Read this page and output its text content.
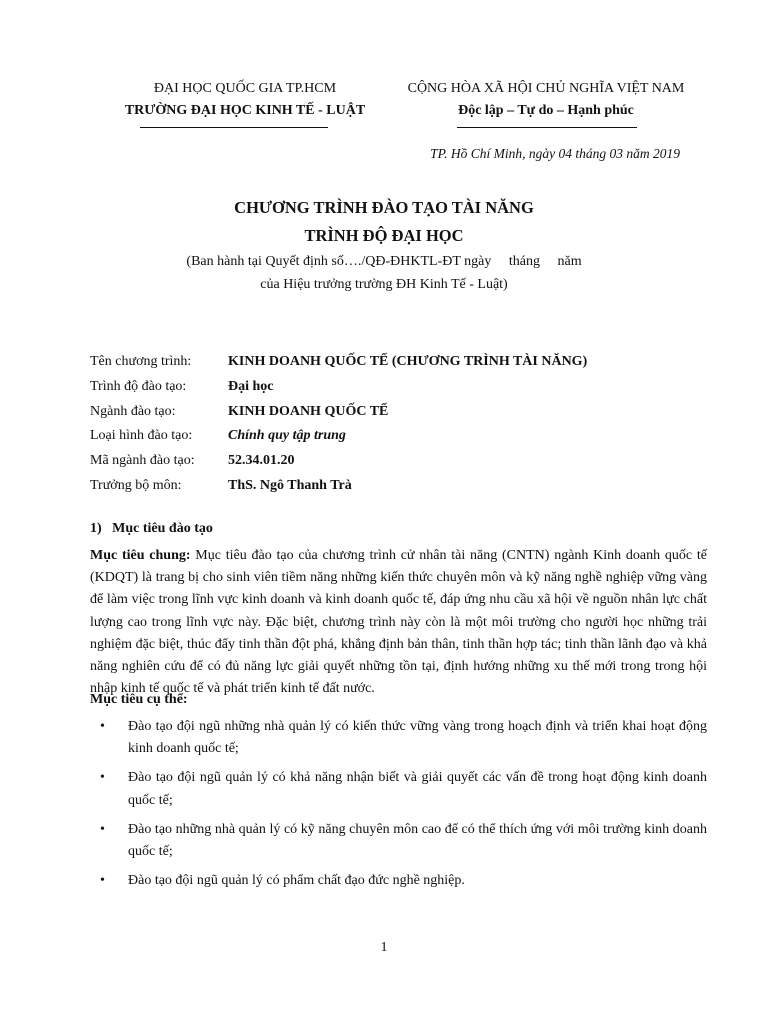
ĐẠI HỌC QUỐC GIA TP.HCM
TRƯỜNG ĐẠI HỌC KINH TẾ - LUẬT
CỘNG HÒA XÃ HỘI CHỦ NGHĨA VIỆT NAM
Độc lập – Tự do – Hạnh phúc
TP. Hồ Chí Minh, ngày 04 tháng 03 năm 2019
CHƯƠNG TRÌNH ĐÀO TẠO TÀI NĂNG
TRÌNH ĐỘ ĐẠI HỌC
(Ban hành tại Quyết định số…./QĐ-ĐHKTL-ĐT ngày     tháng     năm
của Hiệu trưởng trường ĐH Kinh Tế - Luật)
Tên chương trình:	KINH DOANH QUỐC TẾ (CHƯƠNG TRÌNH TÀI NĂNG)
Trình độ đào tạo:	Đại học
Ngành đào tạo:	KINH DOANH QUỐC TẾ
Loại hình đào tạo:	Chính quy tập trung
Mã ngành đào tạo:	52.34.01.20
Trưởng bộ môn:	ThS. Ngô Thanh Trà
1)   Mục tiêu đào tạo
Mục tiêu chung: Mục tiêu đào tạo của chương trình cử nhân tài năng (CNTN) ngành Kinh doanh quốc tế (KDQT) là trang bị cho sinh viên tiềm năng những kiến thức chuyên môn và kỹ năng nghề nghiệp vững vàng để làm việc trong lĩnh vực kinh doanh và kinh doanh quốc tế, đáp ứng nhu cầu xã hội về nguồn nhân lực chất lượng cao trong lĩnh vực này. Đặc biệt, chương trình này còn là một môi trường cho người học những trải nghiệm đặc biệt, thúc đẩy tinh thần đột phá, khẳng định bản thân, tinh thần hợp tác; tinh thần lãnh đạo và khả năng nghiên cứu để có đủ năng lực giải quyết những tồn tại, định hướng những xu thế mới trong trong hội nhập kinh tế quốc tế và phát triển kinh tế đất nước.
Mục tiêu cụ thể:
•	Đào tạo đội ngũ những nhà quản lý có kiến thức vững vàng trong hoạch định và triển khai hoạt động kinh doanh quốc tế;
•	Đào tạo đội ngũ quản lý có khả năng nhận biết và giải quyết các vấn đề trong hoạt động kinh doanh quốc tế;
•	Đào tạo những nhà quản lý có kỹ năng chuyên môn cao để có thể thích ứng với môi trường kinh doanh quốc tế;
•	Đào tạo đội ngũ quản lý có phẩm chất đạo đức nghề nghiệp.
1
